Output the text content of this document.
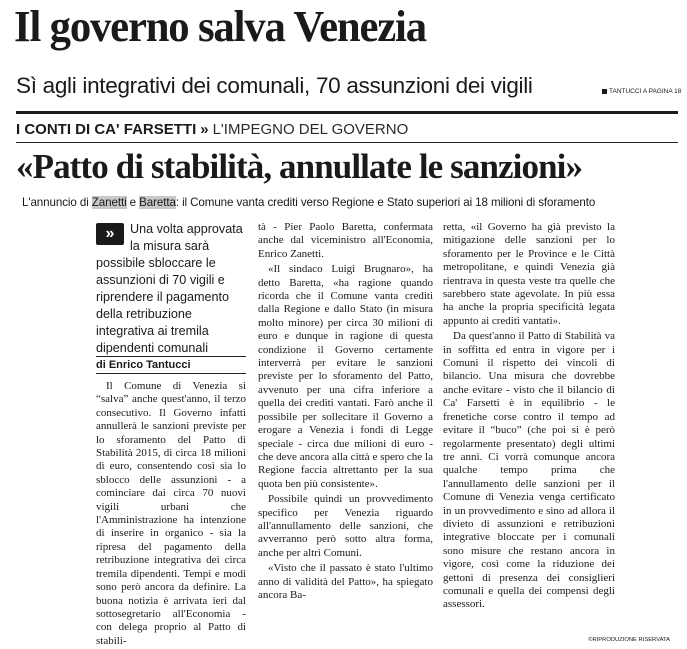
Il governo salva Venezia
Sì agli integrativi dei comunali, 70 assunzioni dei vigili	TANTUCCI A PAGINA 18
I CONTI DI CA' FARSETTI » L'IMPEGNO DEL GOVERNO
«Patto di stabilità, annullate le sanzioni»
L'annuncio di Zanetti e Baretta: il Comune vanta crediti verso Regione e Stato superiori ai 18 milioni di sforamento
»	Una volta approvata la misura sarà possibile sbloccare le assunzioni di 70 vigili e riprendere il pagamento della retribuzione integrativa ai tremila dipendenti comunali
di Enrico Tantucci

Il Comune di Venezia si “salva” anche quest'anno, il terzo consecutivo. Il Governo infatti annullerà le sanzioni previste per lo sforamento del Patto di Stabilità 2015, di circa 18 milioni di euro, consentendo così sia lo sblocco delle assunzioni - a cominciare dai circa 70 nuovi vigili urbani che l'Amministrazione ha intenzione di inserire in organico - sia la ripresa del pagamento della retribuzione integrativa dei circa tremila dipendenti. Tempi e modi sono però ancora da definire. La buona notizia è arrivata ieri dal sottosegretario all'Economia - con delega proprio al Patto di stabili-

tà - Pier Paolo Baretta, confermata anche dal viceministro all'Economia, Enrico Zanetti.

«Il sindaco Luigi Brugnaro», ha detto Baretta, «ha ragione quando ricorda che il Comune vanta crediti dalla Regione e dallo Stato (in misura molto minore) per circa 30 milioni di euro e dunque in ragione di questa condizione il Governo certamente interverrà per evitare le sanzioni previste per lo sforamento del Patto, avvenuto per una cifra inferiore a quella dei crediti vantati. Farò anche il possibile per sollecitare il Governo a erogare a Venezia i fondi di Legge speciale - circa due milioni di euro - che deve ancora alla città e spero che la Regione faccia altrettanto per la sua quota ben più consistente».

Possibile quindi un provvedimento specifico per Venezia riguardo all'annullamento delle sanzioni, che avverranno però sotto altra forma, anche per altri Comuni.

«Visto che il passato è stato l'ultimo anno di validità del Patto», ha spiegato ancora Ba-

retta, «il Governo ha già previsto la mitigazione delle sanzioni per lo sforamento per le Province e le Città metropolitane, e quindi Venezia già rientrava in questa veste tra quelle che sarebbero state agevolate. In più essa ha anche la propria specificità legata appunto ai crediti vantati».

Da quest'anno il Patto di Stabilità va in soffitta ed entra in vigore per i Comuni il rispetto dei vincoli di bilancio. Una misura che dovrebbe anche evitare - visto che il bilancio di Ca' Farsetti è in equilibrio - le frenetiche corse contro il tempo ad evitare il “buco” (che poi si è però regolarmente presentato) degli ultimi tre anni. Ci vorrà comunque ancora qualche tempo prima che l'annullamento delle sanzioni per il Comune di Venezia venga certificato in un provvedimento e sino ad allora il divieto di assunzioni e retribuzioni integrative bloccate per i comunali sono misure che restano ancora in vigore, così come la riduzione dei gettoni di presenza dei consiglieri comunali e quella dei compensi degli assessori.

©RIPRODUZIONE RISERVATA
